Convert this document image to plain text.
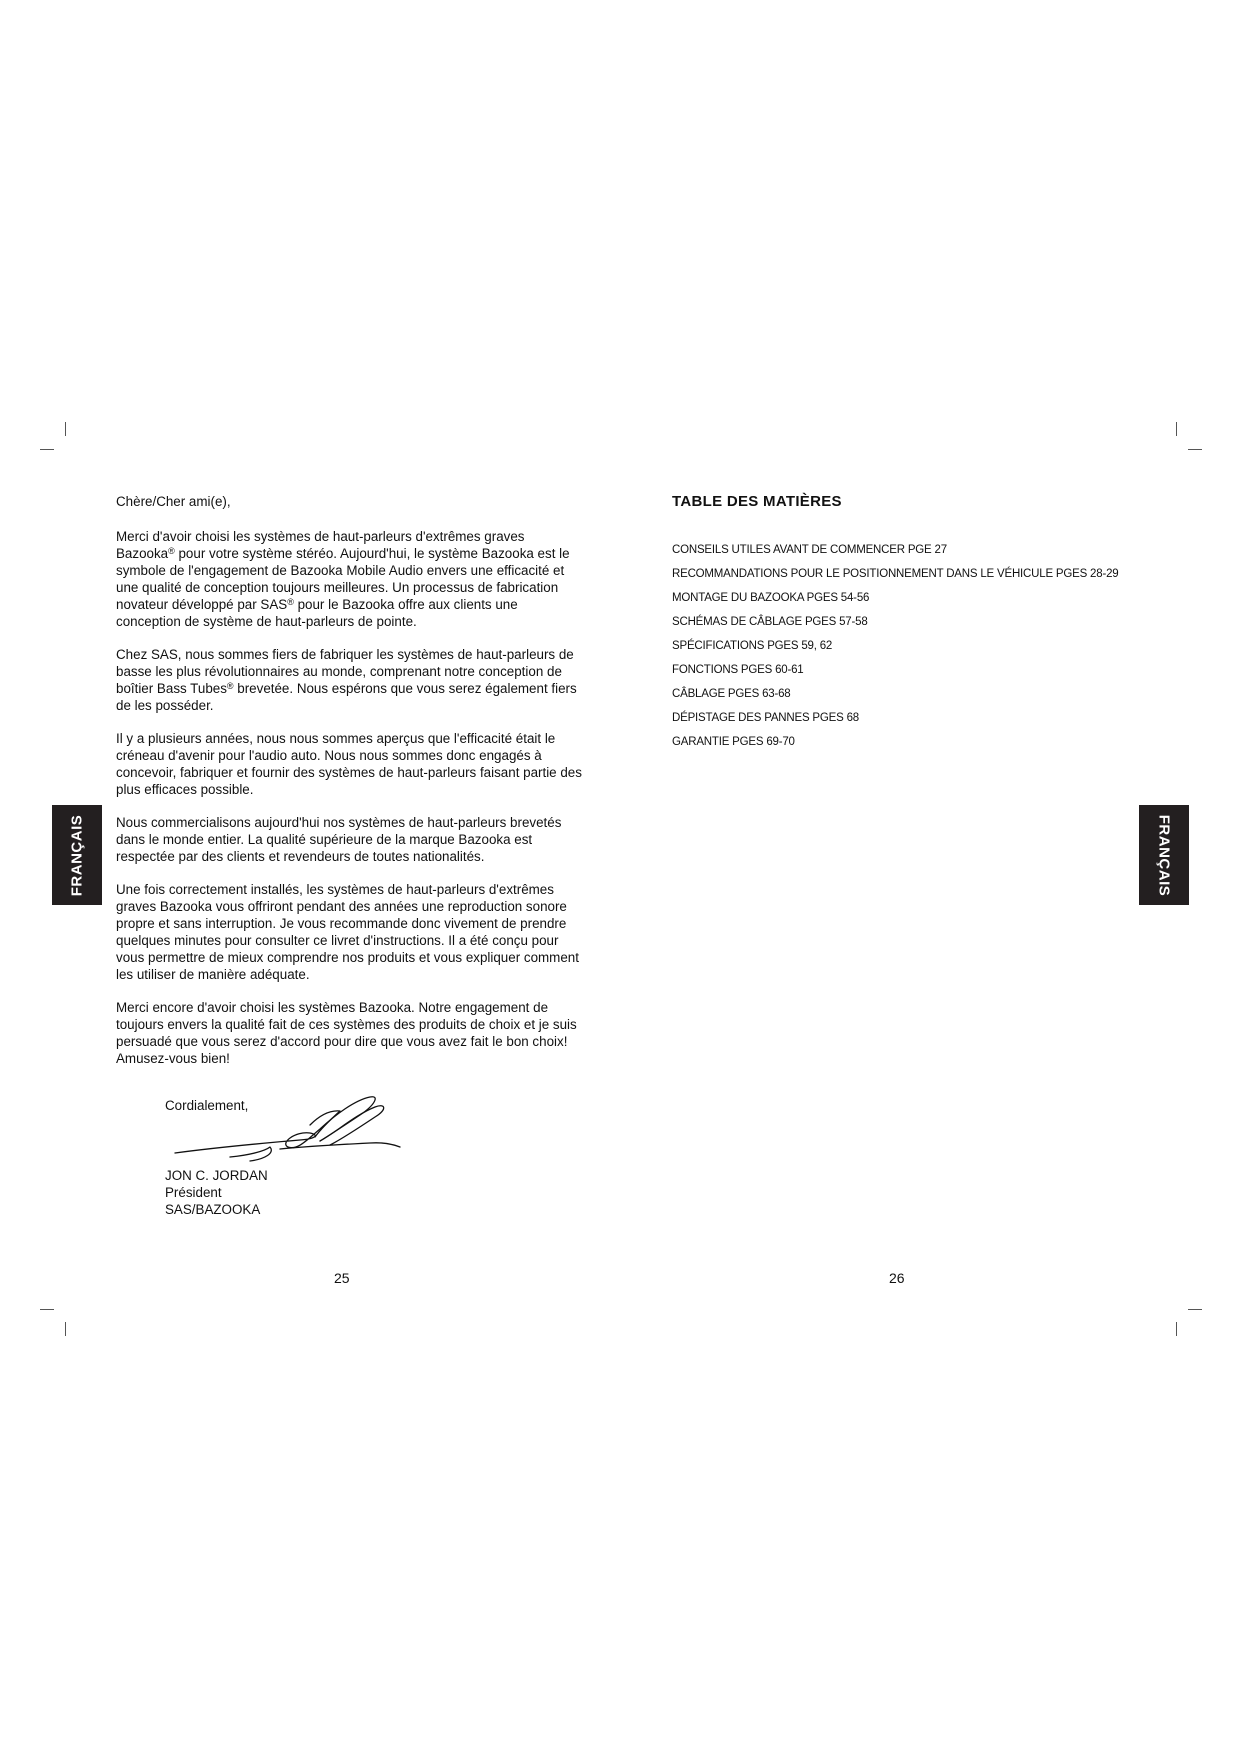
FRANÇAIS	FRANÇAIS

Chère/Cher ami(e),

Merci d'avoir choisi les systèmes de haut-parleurs d'extrêmes graves Bazooka® pour votre système stéréo. Aujourd'hui, le système Bazooka est le symbole de l'engagement de Bazooka Mobile Audio envers une efficacité et une qualité de conception toujours meilleures. Un processus de fabrication novateur développé par SAS® pour le Bazooka offre aux clients une conception de système de haut-parleurs de pointe.

Chez SAS, nous sommes fiers de fabriquer les systèmes de haut-parleurs de basse les plus révolutionnaires au monde, comprenant notre conception de boîtier Bass Tubes® brevetée. Nous espérons que vous serez également fiers de les posséder.

Il y a plusieurs années, nous nous sommes aperçus que l'efficacité était le créneau d'avenir pour l'audio auto. Nous nous sommes donc engagés à concevoir, fabriquer et fournir des systèmes de haut-parleurs faisant partie des plus efficaces possible.

Nous commercialisons aujourd'hui nos systèmes de haut-parleurs brevetés dans le monde entier. La qualité supérieure de la marque Bazooka est respectée par des clients et revendeurs de toutes nationalités.

Une fois correctement installés, les systèmes de haut-parleurs d'extrêmes graves Bazooka vous offriront pendant des années une reproduction sonore propre et sans interruption. Je vous recommande donc vivement de prendre quelques minutes pour consulter ce livret d'instructions. Il a été conçu pour vous permettre de mieux comprendre nos produits et vous expliquer comment les utiliser de manière adéquate.

Merci encore d'avoir choisi les systèmes Bazooka. Notre engagement de toujours envers la qualité fait de ces systèmes des produits de choix et je suis persuadé que vous serez d'accord pour dire que vous avez fait le bon choix! Amusez-vous bien!

Cordialement,
JON C. JORDAN
Président
SAS/BAZOOKA
TABLE DES MATIÈRES
CONSEILS UTILES AVANT DE COMMENCER PGE 27
RECOMMANDATIONS POUR LE POSITIONNEMENT DANS LE VÉHICULE PGES 28-29
MONTAGE DU BAZOOKA PGES 54-56
SCHÉMAS DE CÂBLAGE PGES 57-58
SPÉCIFICATIONS PGES 59, 62
FONCTIONS PGES 60-61
CÂBLAGE PGES 63-68
DÉPISTAGE DES PANNES PGES 68
GARANTIE PGES 69-70
25	26
